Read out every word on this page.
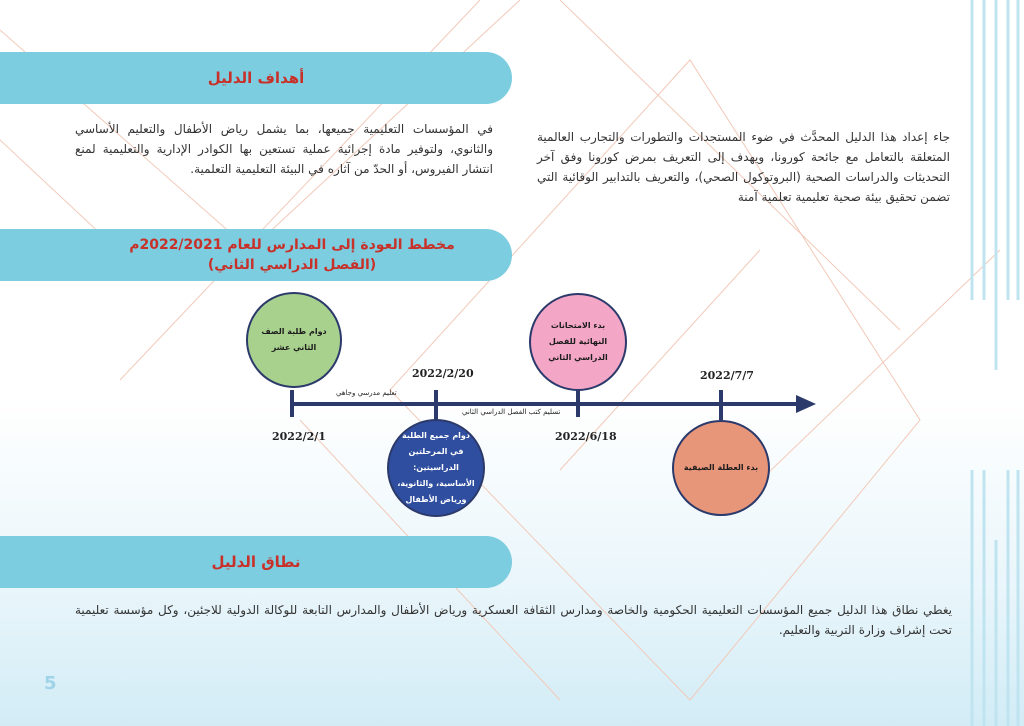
أهداف الدليل
في المؤسسات التعليمية جميعها، بما يشمل رياض الأطفال والتعليم الأساسي والثانوي، ولتوفير مادة إجرائية عملية تستعين بها الكوادر الإدارية والتعليمية لمنع انتشار الفيروس، أو الحدّ من آثاره في البيئة التعليمية التعلمية.
جاء إعداد هذا الدليل المحدَّث في ضوء المستجدات والتطورات والتجارب العالمية المتعلقة بالتعامل مع جائحة كورونا، ويهدف إلى التعريف بمرض كورونا وفق آخر التحديثات والدراسات الصحية (البروتوكول الصحي)، والتعريف بالتدابير الوقائية التي تضمن تحقيق بيئة صحية تعليمية تعلمية آمنة
مخطط العودة إلى المدارس للعام 2022/2021م
(الفصل الدراسي الثاني)
دوام طلبة الصف الثاني عشر
دوام جميع الطلبة في المرحلتين الدراسيتين: الأساسية، والثانوية، ورياض الأطفال
بدء الامتحانات النهائية للفصل الدراسي الثاني
بدء العطلة الصيفية
2022/2/1
2022/2/20
2022/6/18
2022/7/7
تعليم مدرسي وجاهي
تسليم كتب الفصل الدراسي الثاني
نطاق الدليل
يغطي نطاق هذا الدليل جميع المؤسسات التعليمية الحكومية والخاصة ومدارس الثقافة العسكرية ورياض الأطفال والمدارس التابعة للوكالة الدولية للاجئين، وكل مؤسسة تعليمية تحت إشراف وزارة التربية والتعليم.
5
